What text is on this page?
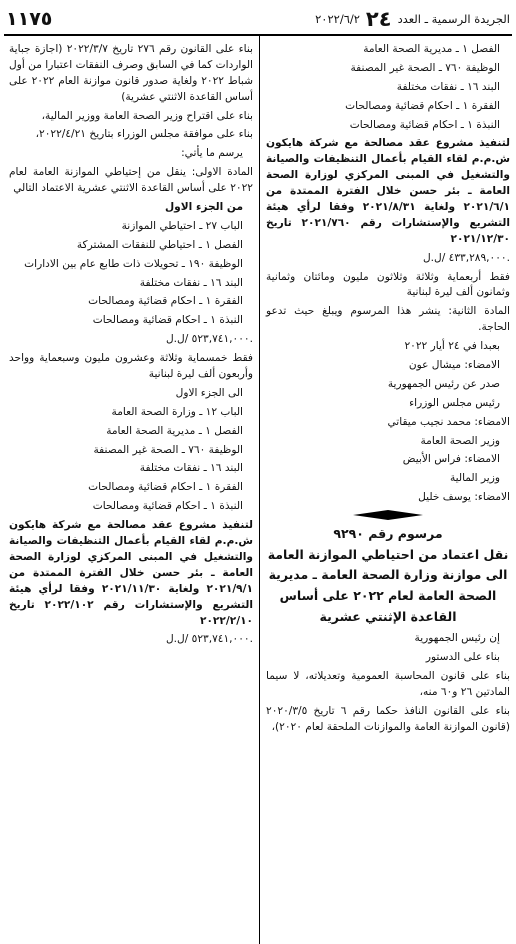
الجريدة الرسمية ـ العدد
٢٤
٢٠٢٢/٦/٢
١١٧٥
الفصل ١ ـ مديرية الصحة العامة
الوظيفة ٧٦٠ ـ الصحة غير المصنفة
البند ١٦ ـ نفقات مختلفة
الفقرة ١ ـ احكام قضائية ومصالحات
النبذة ١ ـ احكام قضائية ومصالحات
لتنفيذ مشروع عقد مصالحة مع شركة هايكون ش.م.م لقاء القيام بأعمال التنظيفات والصيانة والتشغيل في المبنى المركزي لوزارة الصحة العامة ـ بئر حسن خلال الفترة الممتدة من ٢٠٢١/٦/١ ولغاية ٢٠٢١/٨/٣١ وفقا لرأي هيئة التشريع والإستشارات رقم ٢٠٢١/٧٦٠ تاريخ ٢٠٢١/١٢/٣٠
٤٣٣,٢٨٩,٠٠٠ /ل.ل.
فقط أربعماية وثلاثة وثلاثون مليون ومائتان وثمانية وثمانون ألف ليرة لبنانية
المادة الثانية: ينشر هذا المرسوم ويبلغ حيث تدعو الحاجة.
بعبدا في ٢٤ أيار ٢٠٢٢
الامضاء: ميشال عون
صدر عن رئيس الجمهورية
رئيس مجلس الوزراء
الامضاء: محمد نجيب ميقاتي
وزير الصحة العامة
الامضاء: فراس الأبيض
وزير المالية
الامضاء: يوسف خليل
مرسوم رقم ٩٢٩٠
نقل اعتماد من احتياطي الموازنة العامة الى موازنة وزارة الصحة العامة ـ مديرية الصحة العامة لعام ٢٠٢٢ على أساس القاعدة الإثنتي عشرية
إن رئيس الجمهورية
بناء على الدستور
بناء على قانون المحاسبة العمومية وتعديلاته، لا سيما المادتين ٢٦ و٦٠ منه،
بناء على القانون النافذ حكما رقم ٦ تاريخ ٢٠٢٠/٣/٥ (قانون الموازنة العامة والموازنات الملحقة لعام ٢٠٢٠)،
بناء على القانون رقم ٢٧٦ تاريخ ٢٠٢٢/٣/٧ (اجازة جباية الواردات كما في السابق وصرف النفقات اعتبارا من أول شباط ٢٠٢٢ ولغاية صدور قانون موازنة العام ٢٠٢٢ على أساس القاعدة الاثنتي عشرية)
بناء على اقتراح وزير الصحة العامة ووزير المالية،
بناء على موافقة مجلس الوزراء بتاريخ ٢٠٢٢/٤/٢١،
يرسم ما يأتي:
المادة الاولى: ينقل من إحتياطي الموازنة العامة لعام ٢٠٢٢ على أساس القاعدة الاثنتي عشرية الاعتماد التالي
من الجزء الاول
الباب ٢٧ ـ احتياطي الموازنة
الفصل ١ ـ احتياطي للنفقات المشتركة
الوظيفة ١٩٠ ـ تحويلات ذات طابع عام بين الادارات
البند ١٦ ـ نفقات مختلفة
الفقرة ١ ـ احكام قضائية ومصالحات
النبذة ١ ـ احكام قضائية ومصالحات
٥٢٣,٧٤١,٠٠٠ /ل.ل.
فقط خمسماية وثلاثة وعشرون مليون وسبعماية وواحد وأربعون ألف ليرة لبنانية
الى الجزء الاول
الباب ١٢ ـ وزارة الصحة العامة
الفصل ١ ـ مديرية الصحة العامة
الوظيفة ٧٦٠ ـ الصحة غير المصنفة
البند ١٦ ـ نفقات مختلفة
الفقرة ١ ـ احكام قضائية ومصالحات
النبذة ١ ـ احكام قضائية ومصالحات
لتنفيذ مشروع عقد مصالحة مع شركة هايكون ش.م.م لقاء القيام بأعمال التنظيفات والصيانة والتشغيل في المبنى المركزي لوزارة الصحة العامة ـ بئر حسن خلال الفترة الممتدة من ٢٠٢١/٩/١ ولغاية ٢٠٢١/١١/٣٠ وفقا لرأي هيئة التشريع والإستشارات رقم ٢٠٢٢/١٠٢ تاريخ ٢٠٢٢/٢/١٠
٥٢٣,٧٤١,٠٠٠ /ل.ل.
